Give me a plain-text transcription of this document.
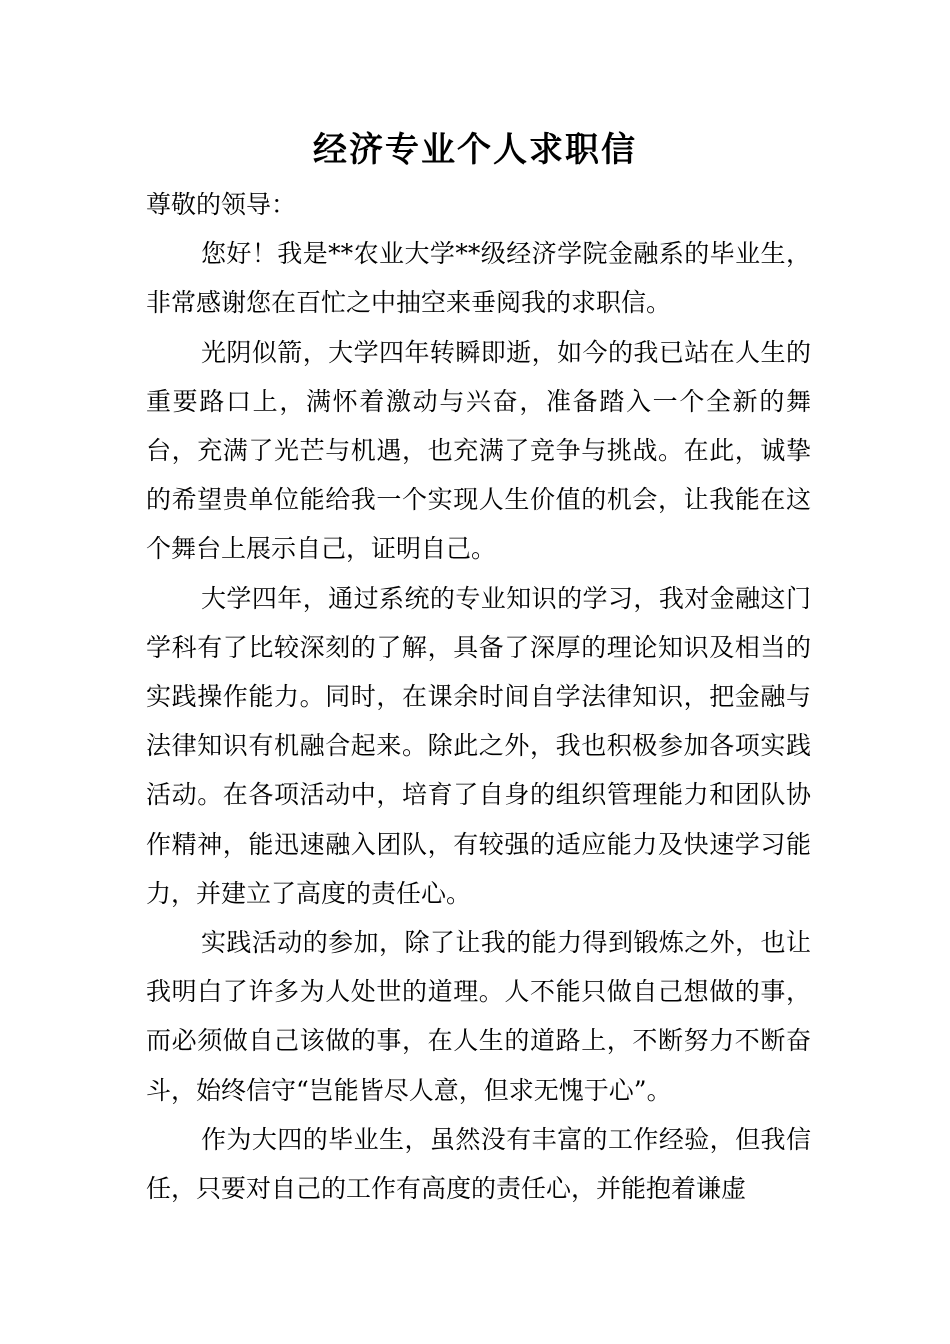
经济专业个人求职信

尊敬的领导：

您好！我是**农业大学**级经济学院金融系的毕业生，非常感谢您在百忙之中抽空来垂阅我的求职信。

光阴似箭，大学四年转瞬即逝，如今的我已站在人生的重要路口上，满怀着激动与兴奋，准备踏入一个全新的舞台，充满了光芒与机遇，也充满了竞争与挑战。在此，诚挚的希望贵单位能给我一个实现人生价值的机会，让我能在这个舞台上展示自己，证明自己。

大学四年，通过系统的专业知识的学习，我对金融这门学科有了比较深刻的了解，具备了深厚的理论知识及相当的实践操作能力。同时，在课余时间自学法律知识，把金融与法律知识有机融合起来。除此之外，我也积极参加各项实践活动。在各项活动中，培育了自身的组织管理能力和团队协作精神，能迅速融入团队，有较强的适应能力及快速学习能力，并建立了高度的责任心。

实践活动的参加，除了让我的能力得到锻炼之外，也让我明白了许多为人处世的道理。人不能只做自己想做的事，而必须做自己该做的事，在人生的道路上，不断努力不断奋斗，始终信守“岂能皆尽人意，但求无愧于心”。

作为大四的毕业生，虽然没有丰富的工作经验，但我信任，只要对自己的工作有高度的责任心，并能抱着谦虚
